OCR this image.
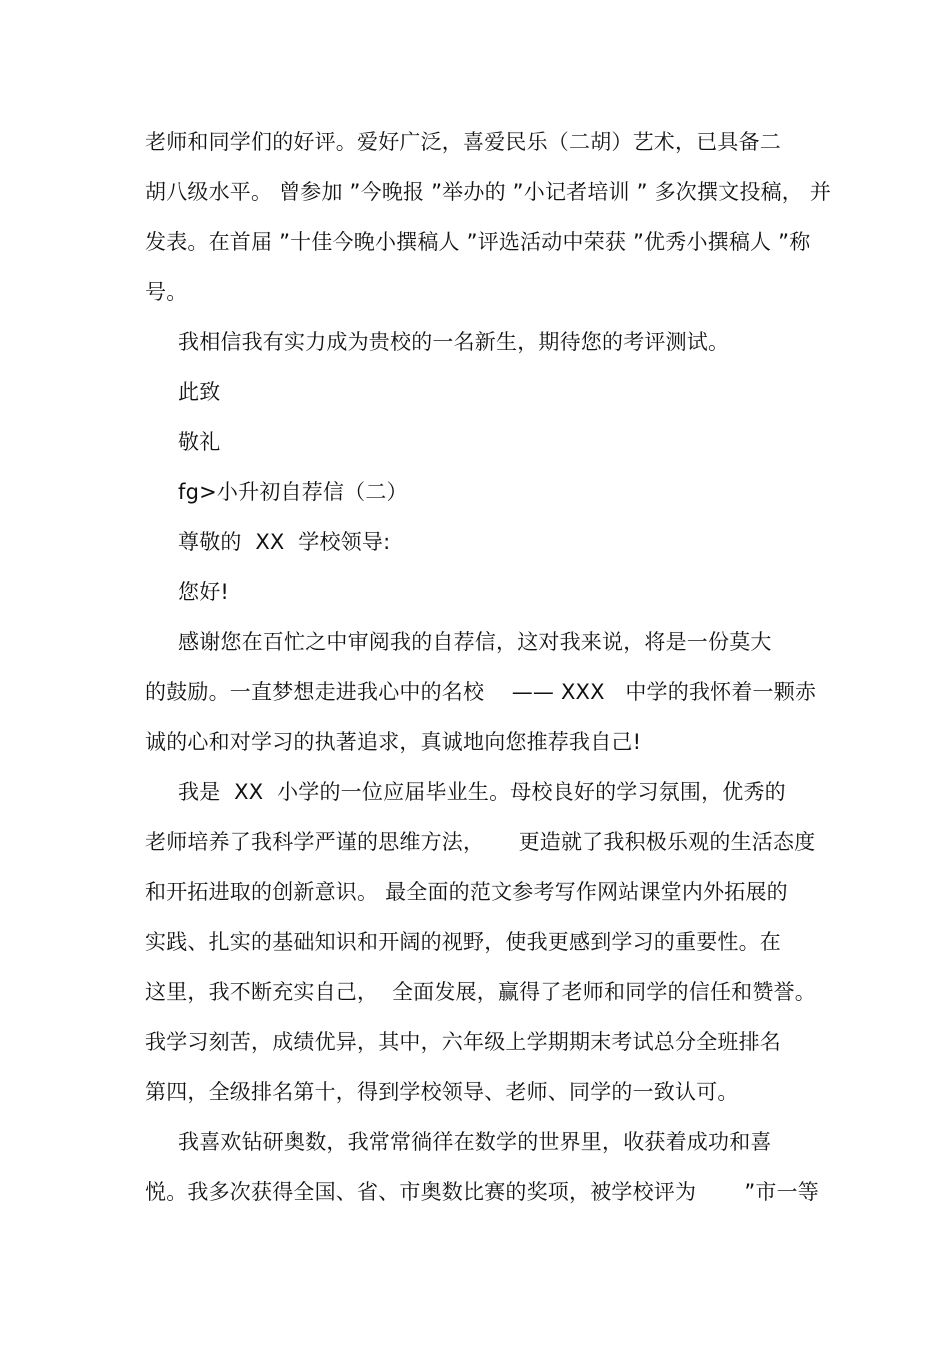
老师和同学们的好评。爱好广泛，喜爱民乐（二胡）艺术，已具备二
胡八级水平。 曾参加 ”今晚报 ”举办的 ”小记者培训 ” 多次撰文投稿， 并
发表。在首届 ”十佳今晚小撰稿人 ”评选活动中荣获 ”优秀小撰稿人 ”称
号。
我相信我有实力成为贵校的一名新生，期待您的考评测试。
此致
敬礼
fg>小升初自荐信（二）
尊敬的  XX  学校领导:
您好!
感谢您在百忙之中审阅我的自荐信，这对我来说，将是一份莫大
的鼓励。一直梦想走进我心中的名校    —— XXX   中学的我怀着一颗赤
诚的心和对学习的执著追求，真诚地向您推荐我自己!
我是  XX  小学的一位应届毕业生。母校良好的学习氛围，优秀的
老师培养了我科学严谨的思维方法，     更造就了我积极乐观的生活态度
和开拓进取的创新意识。 最全面的范文参考写作网站课堂内外拓展的
实践、扎实的基础知识和开阔的视野，使我更感到学习的重要性。在
这里，我不断充实自己，  全面发展，赢得了老师和同学的信任和赞誉。
我学习刻苦，成绩优异，其中，六年级上学期期末考试总分全班排名
第四，全级排名第十，得到学校领导、老师、同学的一致认可。
我喜欢钻研奥数，我常常徜徉在数学的世界里，收获着成功和喜
悦。我多次获得全国、省、市奥数比赛的奖项，被学校评为       ”市一等
